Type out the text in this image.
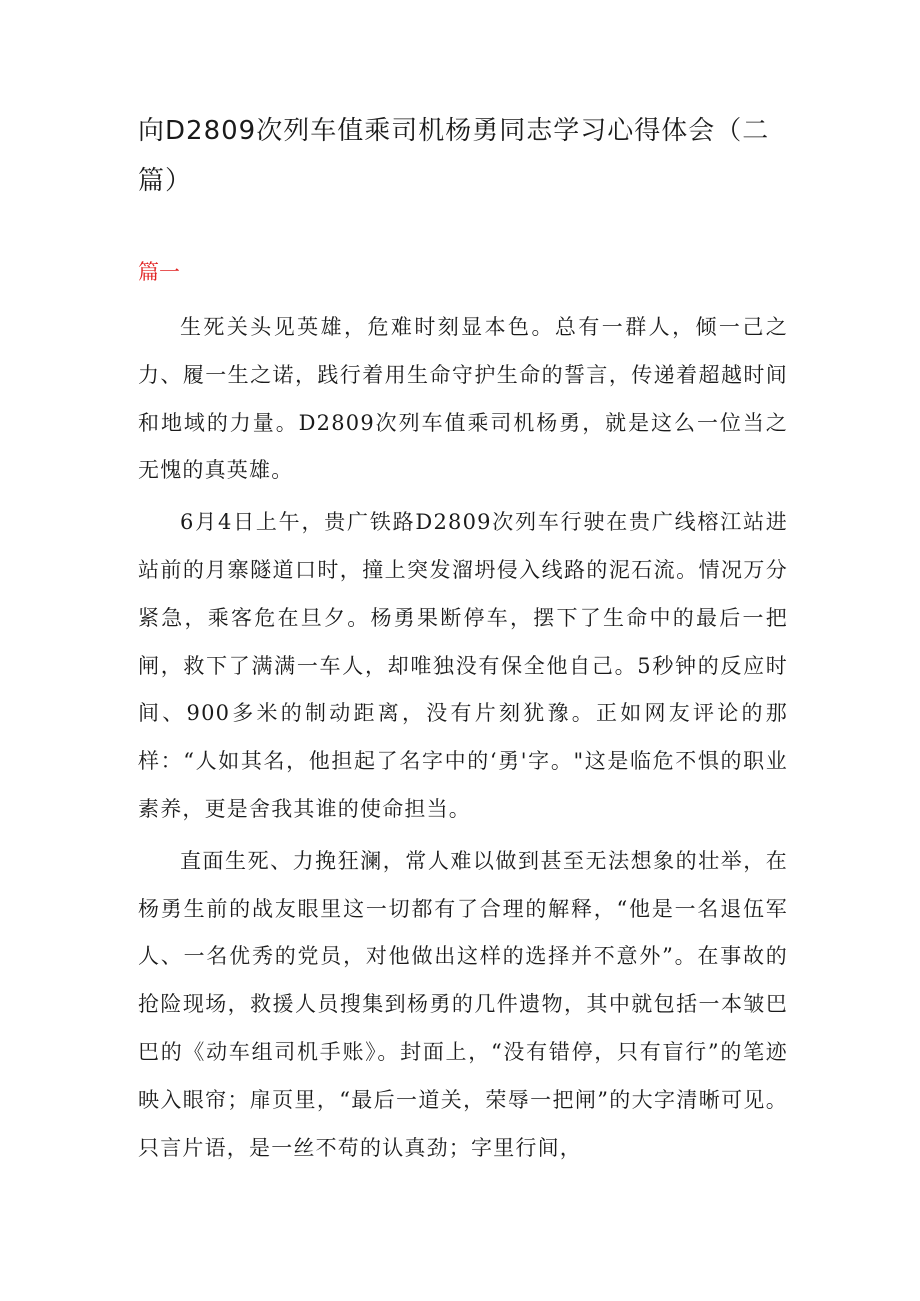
向D2809次列车值乘司机杨勇同志学习心得体会（二篇）
篇一

生死关头见英雄，危难时刻显本色。总有一群人，倾一己之力、履一生之诺，践行着用生命守护生命的誓言，传递着超越时间和地域的力量。D2809次列车值乘司机杨勇，就是这么一位当之无愧的真英雄。

6月4日上午，贵广铁路D2809次列车行驶在贵广线榕江站进站前的月寨隧道口时，撞上突发溜坍侵入线路的泥石流。情况万分紧急，乘客危在旦夕。杨勇果断停车，摆下了生命中的最后一把闸，救下了满满一车人，却唯独没有保全他自己。5秒钟的反应时间、900多米的制动距离，没有片刻犹豫。正如网友评论的那样：“人如其名，他担起了名字中的‘勇'字。"这是临危不惧的职业素养，更是舍我其谁的使命担当。

直面生死、力挽狂澜，常人难以做到甚至无法想象的壮举，在杨勇生前的战友眼里这一切都有了合理的解释，“他是一名退伍军人、一名优秀的党员，对他做出这样的选择并不意外”。在事故的抢险现场，救援人员搜集到杨勇的几件遗物，其中就包括一本皱巴巴的《动车组司机手账》。封面上，“没有错停，只有盲行”的笔迹映入眼帘；扉页里，“最后一道关，荣辱一把闸”的大字清晰可见。只言片语，是一丝不苟的认真劲；字里行间，
